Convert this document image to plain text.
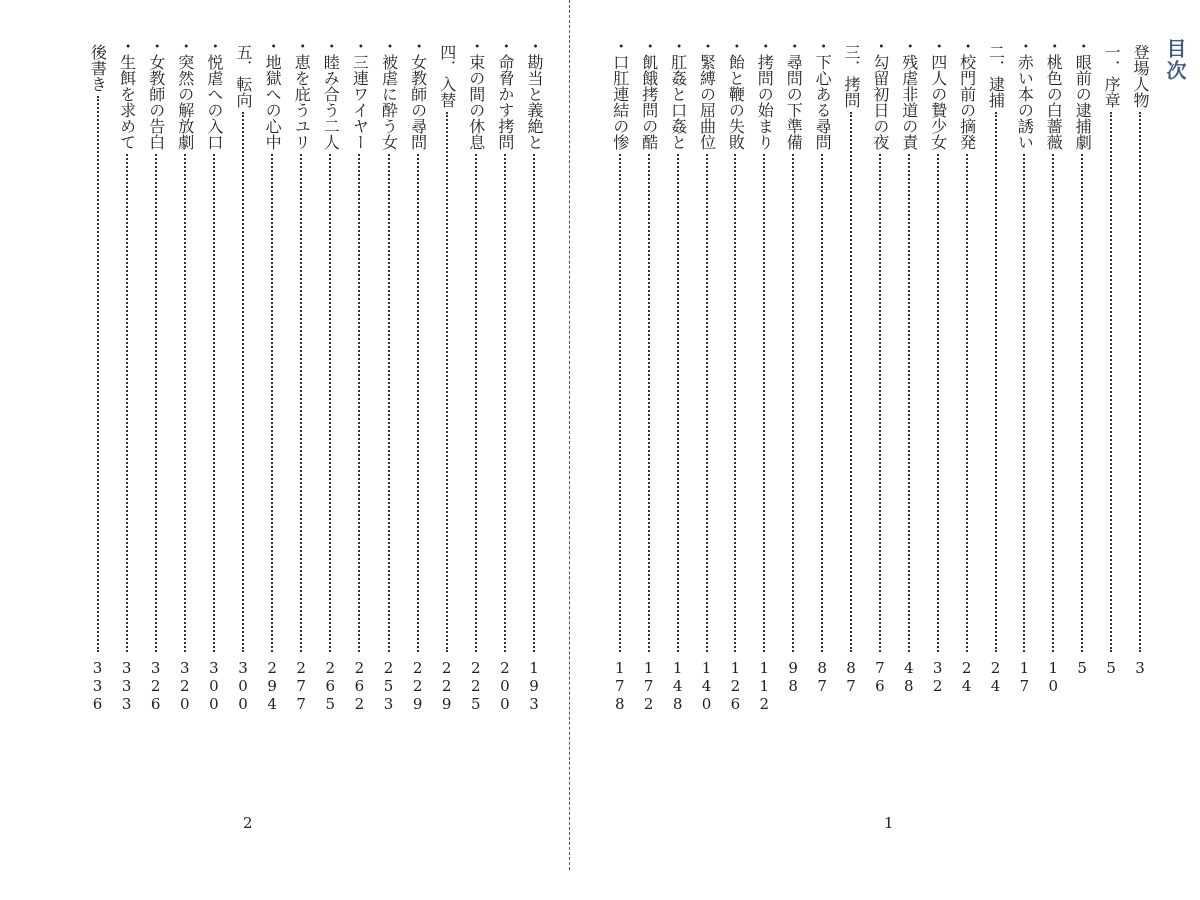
目次
登場人物
3
一．序章
5
・眼前の逮捕劇
5
・桃色の白薔薇
10
・赤い本の誘い
17
二．逮捕
24
・校門前の摘発
24
・四人の贄少女
32
・残虐非道の責
48
・勾留初日の夜
76
三．拷問
87
・下心ある尋問
87
・尋問の下準備
98
・拷問の始まり
112
・飴と鞭の失敗
126
・緊縛の屈曲位
140
・肛姦と口姦と
148
・飢餓拷問の酷
172
・口肛連結の惨
178
・勘当と義絶と
193
・命脅かす拷問
200
・束の間の休息
225
四．入替
229
・女教師の尋問
229
・被虐に酔う女
253
・三連ワイヤー
262
・睦み合う二人
265
・恵を庇うユリ
277
・地獄への心中
294
五．転向
300
・悦虐への入口
300
・突然の解放劇
320
・女教師の告白
326
・生餌を求めて
333
後書き
336
1
2
